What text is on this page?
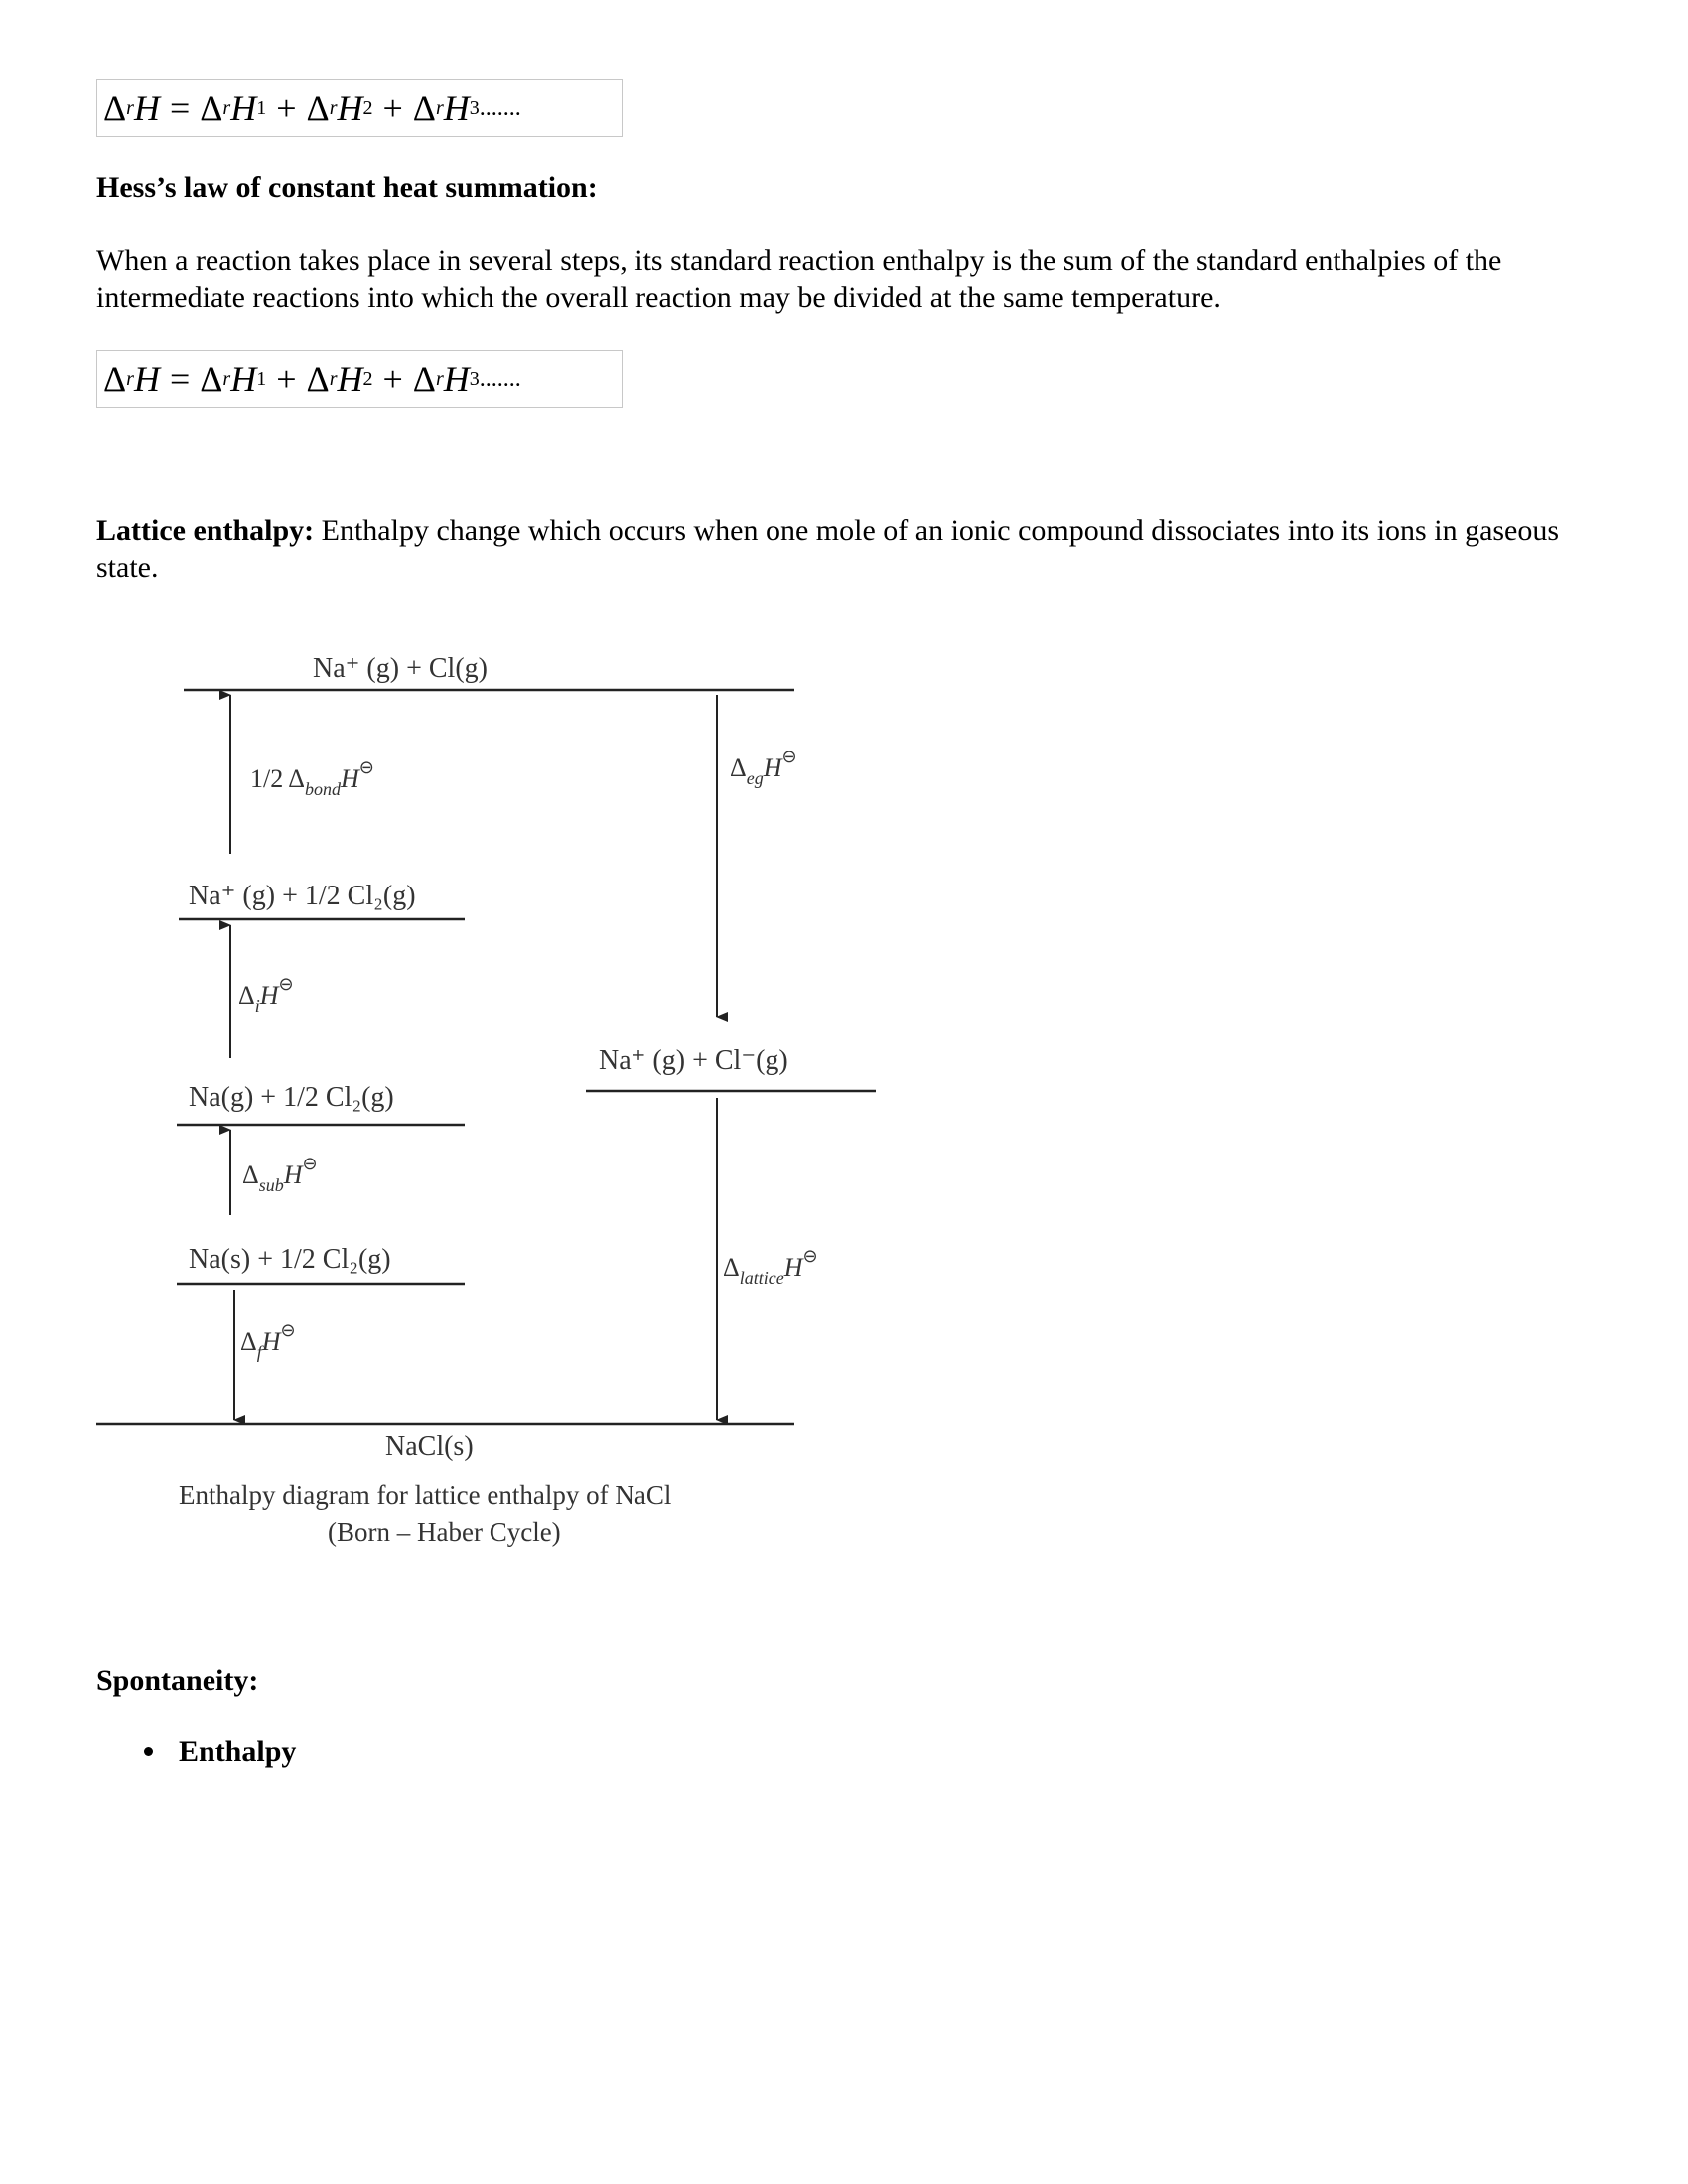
Δ r H = Δ r H 1 + Δ r H 2 + Δ r H 3 .......
Hess’s law of constant heat summation:
When a reaction takes place in several steps, its standard reaction enthalpy is the sum of the standard enthalpies of the intermediate reactions into which the overall reaction may be divided at the same temperature.
Δ r H = Δ r H 1 + Δ r H 2 + Δ r H 3 .......
Lattice enthalpy: Enthalpy change which occurs when one mole of an ionic compound dissociates into its ions in gaseous state.
Na⁺ (g) + Cl(g)
Na⁺ (g) + 1/2 Cl₂(g)
Na(g) + 1/2 Cl₂(g)
Na(s) + 1/2 Cl₂(g)
Na⁺ (g) + Cl⁻(g)
NaCl(s)
1/2 $\Delta_{bond}H^⊖$
$\Delta_iH^⊖$
$\Delta_{sub}H^⊖$
$\Delta_fH^⊖$
$\Delta_{eg}H^⊖$
$\Delta_{lattice}H^⊖$
Enthalpy diagram for lattice enthalpy of NaCl
(Born – Haber Cycle)
Spontaneity:
Enthalpy
